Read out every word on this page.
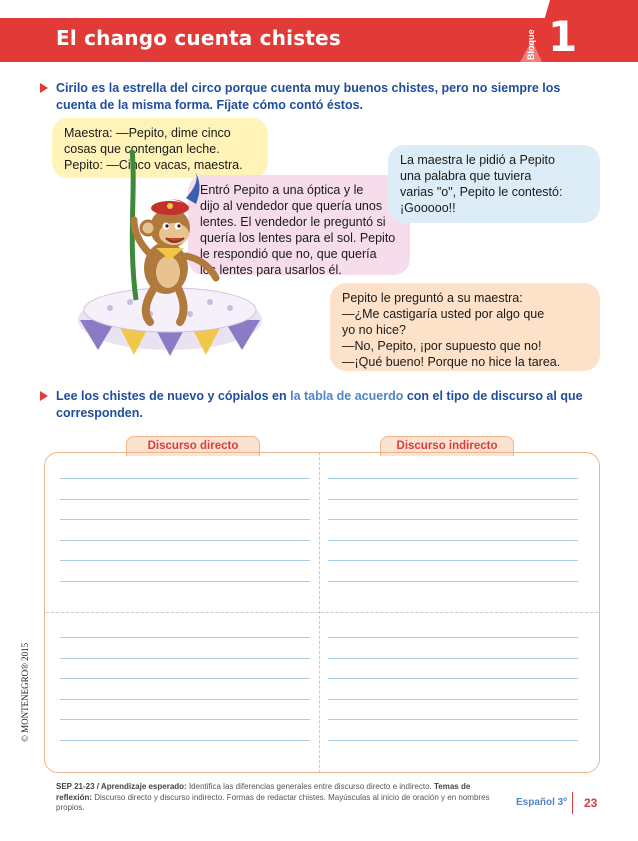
El chango cuenta chistes	Bloque 1
Cirilo es la estrella del circo porque cuenta muy buenos chistes, pero no siempre los cuenta de la misma forma. Fíjate cómo contó éstos.
Maestra: —Pepito, dime cinco
cosas que contengan leche.
Pepito: —Cinco vacas, maestra.
Entró Pepito a una óptica y le
dijo al vendedor que quería unos
lentes. El vendedor le preguntó si
quería los lentes para el sol. Pepito
le respondió que no, que quería
los lentes para usarlos él.
La maestra le pidió a Pepito
una palabra que tuviera
varias "o", Pepito le contestó:
¡Gooooo!!
Pepito le preguntó a su maestra:
—¿Me castigaría usted por algo que
yo no hice?
—No, Pepito, ¡por supuesto que no!
—¡Qué bueno! Porque no hice la tarea.
Lee los chistes de nuevo y cópialos en la tabla de acuerdo con el tipo de discurso al que corresponden.
Discurso directo	Discurso indirecto
© MONTENEGRO® 2015
SEP 21-23 / Aprendizaje esperado: Identifica las diferencias generales entre discurso directo e indirecto. Temas de reflexión: Discurso directo y discurso indirecto. Formas de redactar chistes. Mayúsculas al inicio de oración y en nombres propios.	Español 3º 23
